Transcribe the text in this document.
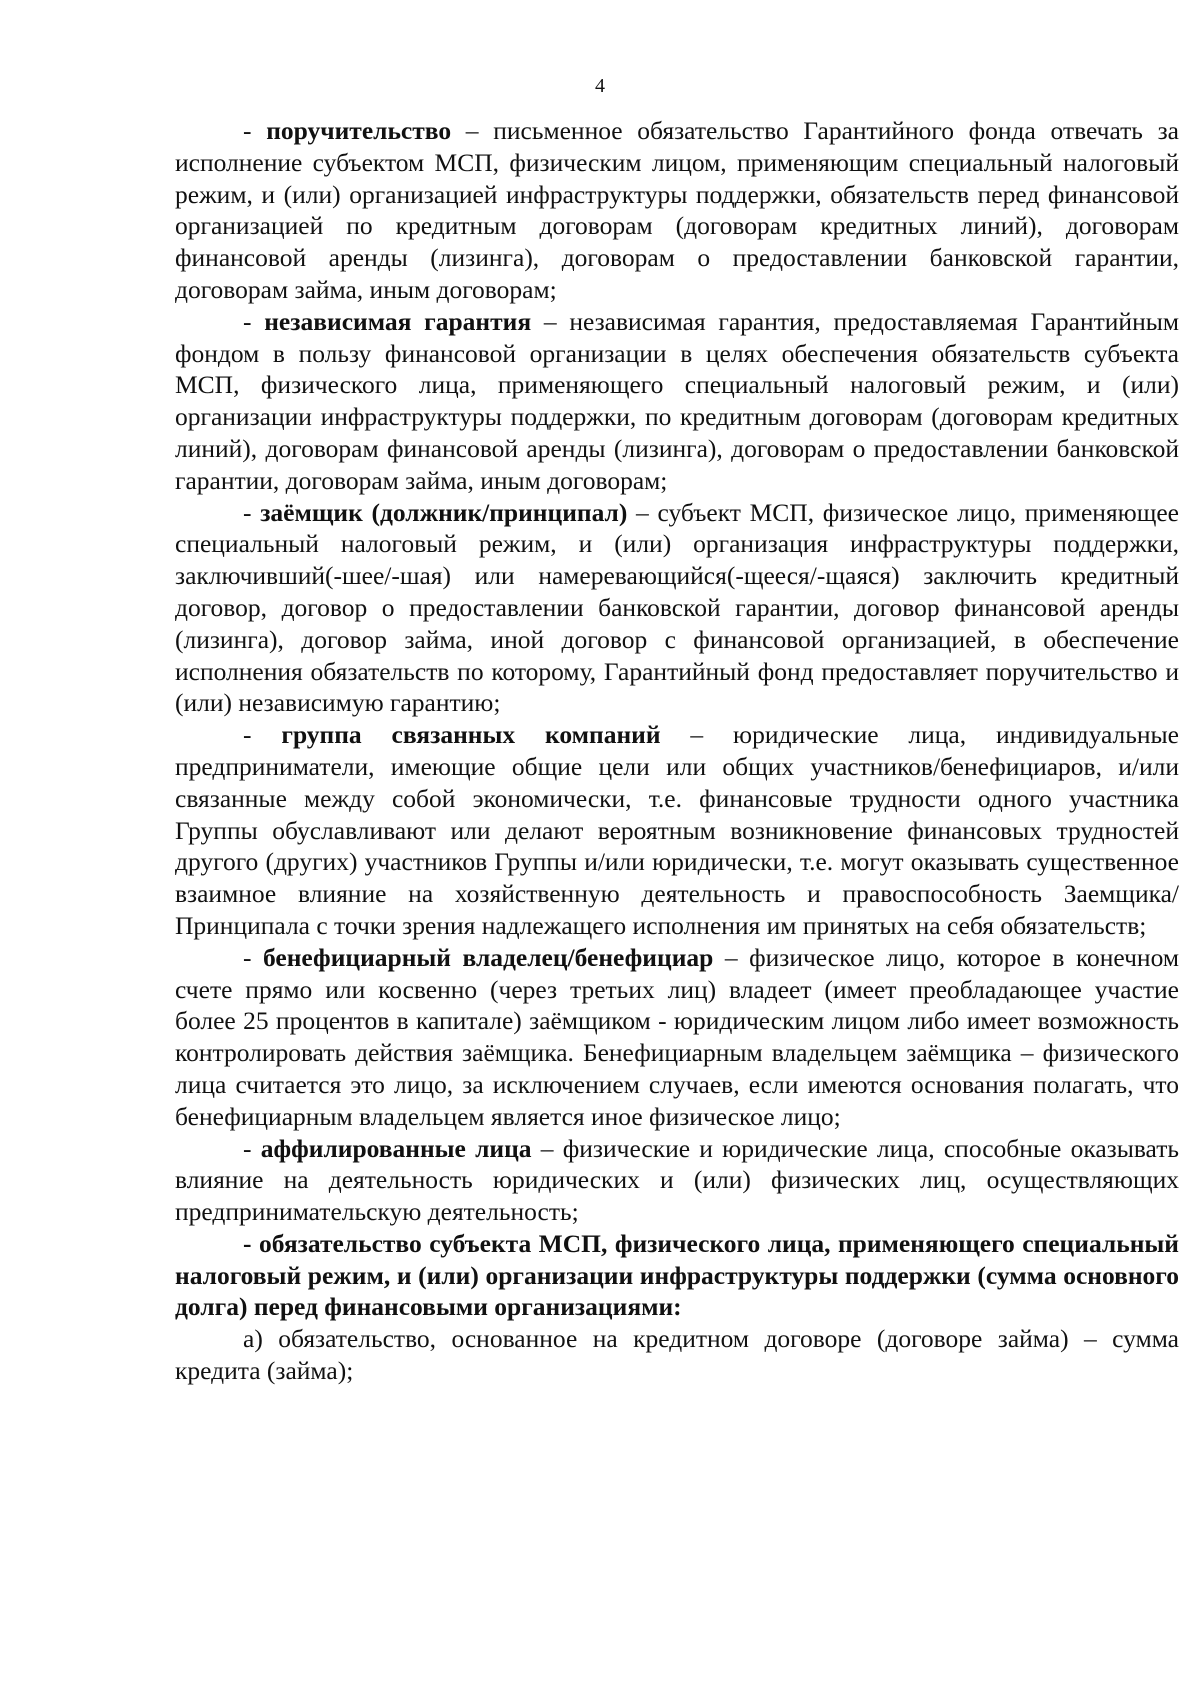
4

- поручительство – письменное обязательство Гарантийного фонда отвечать за исполнение субъектом МСП, физическим лицом, применяющим специальный налоговый режим, и (или) организацией инфраструктуры поддержки, обязательств перед финансовой организацией по кредитным договорам (договорам кредитных линий), договорам финансовой аренды (лизинга), договорам о предоставлении банковской гарантии, договорам займа, иным договорам;

- независимая гарантия – независимая гарантия, предоставляемая Гарантийным фондом в пользу финансовой организации в целях обеспечения обязательств субъекта МСП, физического лица, применяющего специальный налоговый режим, и (или) организации инфраструктуры поддержки, по кредитным договорам (договорам кредитных линий), договорам финансовой аренды (лизинга), договорам о предоставлении банковской гарантии, договорам займа, иным договорам;

- заёмщик (должник/принципал) – субъект МСП, физическое лицо, применяющее специальный налоговый режим, и (или) организация инфраструктуры поддержки, заключивший(-шее/-шая) или намеревающийся(-щееся/-щаяся) заключить кредитный договор, договор о предоставлении банковской гарантии, договор финансовой аренды (лизинга), договор займа, иной договор с финансовой организацией, в обеспечение исполнения обязательств по которому, Гарантийный фонд предоставляет поручительство и (или) независимую гарантию;

- группа связанных компаний – юридические лица, индивидуальные предприниматели, имеющие общие цели или общих участников/бенефициаров, и/или связанные между собой экономически, т.е. финансовые трудности одного участника Группы обуславливают или делают вероятным возникновение финансовых трудностей другого (других) участников Группы и/или юридически, т.е. могут оказывать существенное взаимное влияние на хозяйственную деятельность и правоспособность Заемщика/Принципала с точки зрения надлежащего исполнения им принятых на себя обязательств;

- бенефициарный владелец/бенефициар – физическое лицо, которое в конечном счете прямо или косвенно (через третьих лиц) владеет (имеет преобладающее участие более 25 процентов в капитале) заёмщиком - юридическим лицом либо имеет возможность контролировать действия заёмщика. Бенефициарным владельцем заёмщика – физического лица считается это лицо, за исключением случаев, если имеются основания полагать, что бенефициарным владельцем является иное физическое лицо;

- аффилированные лица – физические и юридические лица, способные оказывать влияние на деятельность юридических и (или) физических лиц, осуществляющих предпринимательскую деятельность;

- обязательство субъекта МСП, физического лица, применяющего специальный налоговый режим, и (или) организации инфраструктуры поддержки (сумма основного долга) перед финансовыми организациями:

а) обязательство, основанное на кредитном договоре (договоре займа) – сумма кредита (займа);
